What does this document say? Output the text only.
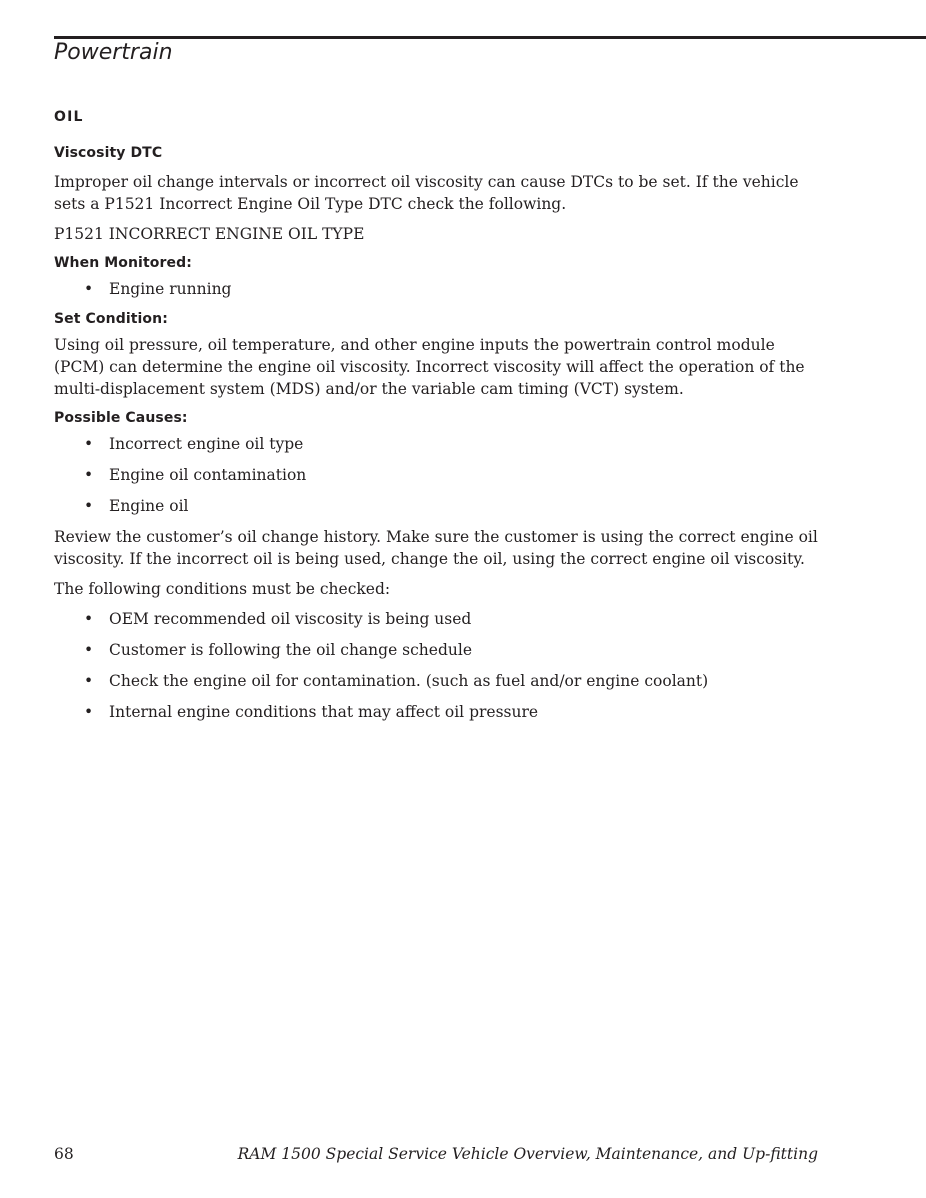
Powertrain
OIL
Viscosity DTC

Improper oil change intervals or incorrect oil viscosity can cause DTCs to be set. If the vehicle sets a P1521 Incorrect Engine Oil Type DTC check the following.

P1521 INCORRECT ENGINE OIL TYPE

When Monitored:
• Engine running
Set Condition:

Using oil pressure, oil temperature, and other engine inputs the powertrain control module (PCM) can determine the engine oil viscosity. Incorrect viscosity will affect the operation of the multi-displacement system (MDS) and/or the variable cam timing (VCT) system.

Possible Causes:
• Incorrect engine oil type
• Engine oil contamination
• Engine oil

Review the customer’s oil change history. Make sure the customer is using the correct engine oil viscosity. If the incorrect oil is being used, change the oil, using the correct engine oil viscosity.

The following conditions must be checked:

• OEM recommended oil viscosity is being used
• Customer is following the oil change schedule
• Check the engine oil for contamination. (such as fuel and/or engine coolant)
• Internal engine conditions that may affect oil pressure
68	RAM 1500 Special Service Vehicle Overview, Maintenance, and Up-fitting
